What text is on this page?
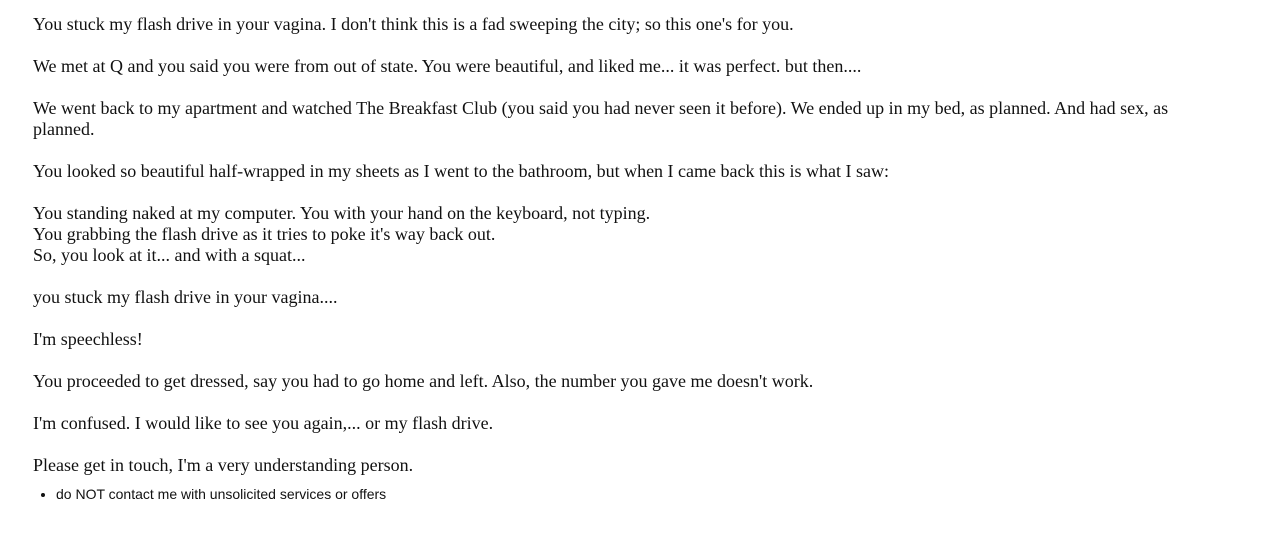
You stuck my flash drive in your vagina. I don't think this is a fad sweeping the city; so this one's for you.

We met at Q and you said you were from out of state. You were beautiful, and liked me... it was perfect. but then....

We went back to my apartment and watched The Breakfast Club (you said you had never seen it before). We ended up in my bed, as planned. And had sex, as planned.

You looked so beautiful half-wrapped in my sheets as I went to the bathroom, but when I came back this is what I saw:

You standing naked at my computer. You with your hand on the keyboard, not typing.
You grabbing the flash drive as it tries to poke it's way back out.
So, you look at it... and with a squat...

you stuck my flash drive in your vagina....

I'm speechless!

You proceeded to get dressed, say you had to go home and left. Also, the number you gave me doesn't work.

I'm confused. I would like to see you again,... or my flash drive.

Please get in touch, I'm a very understanding person.

• do NOT contact me with unsolicited services or offers
